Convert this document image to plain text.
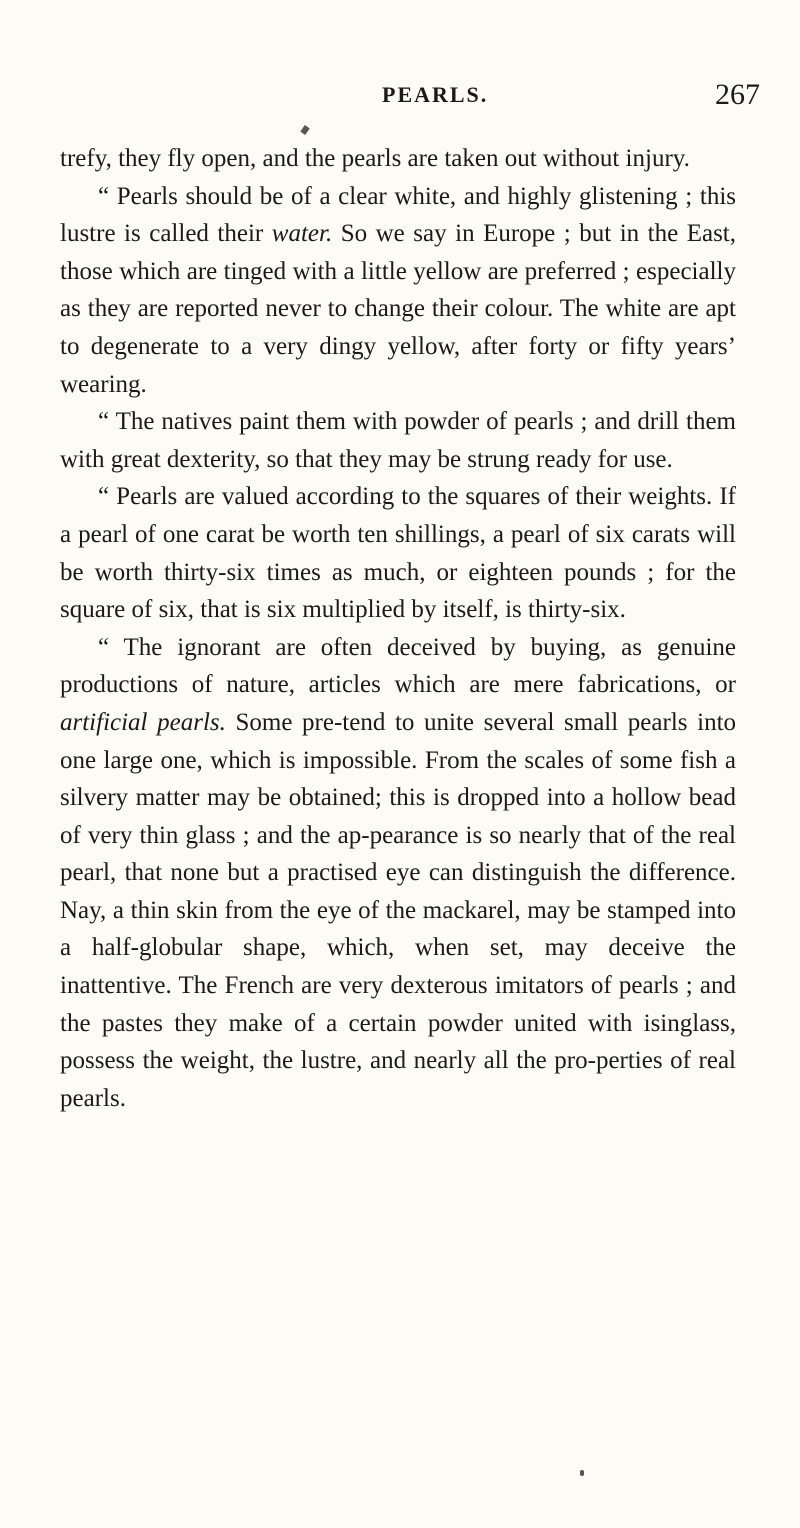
PEARLS.	267

trefy, they fly open, and the pearls are taken out without injury.

“ Pearls should be of a clear white, and highly glistening ; this lustre is called their water. So we say in Europe ; but in the East, those which are tinged with a little yellow are preferred ; especially as they are reported never to change their colour. The white are apt to degenerate to a very dingy yellow, after forty or fifty years’ wearing.

“ The natives paint them with powder of pearls ; and drill them with great dexterity, so that they may be strung ready for use.

“ Pearls are valued according to the squares of their weights. If a pearl of one carat be worth ten shillings, a pearl of six carats will be worth thirty-six times as much, or eighteen pounds ; for the square of six, that is six multiplied by itself, is thirty-six.

“ The ignorant are often deceived by buying, as genuine productions of nature, articles which are mere fabrications, or artificial pearls. Some pre-tend to unite several small pearls into one large one, which is impossible. From the scales of some fish a silvery matter may be obtained; this is dropped into a hollow bead of very thin glass ; and the ap-pearance is so nearly that of the real pearl, that none but a practised eye can distinguish the difference. Nay, a thin skin from the eye of the mackarel, may be stamped into a half-globular shape, which, when set, may deceive the inattentive. The French are very dexterous imitators of pearls ; and the pastes they make of a certain powder united with isinglass, possess the weight, the lustre, and nearly all the pro-perties of real pearls.
